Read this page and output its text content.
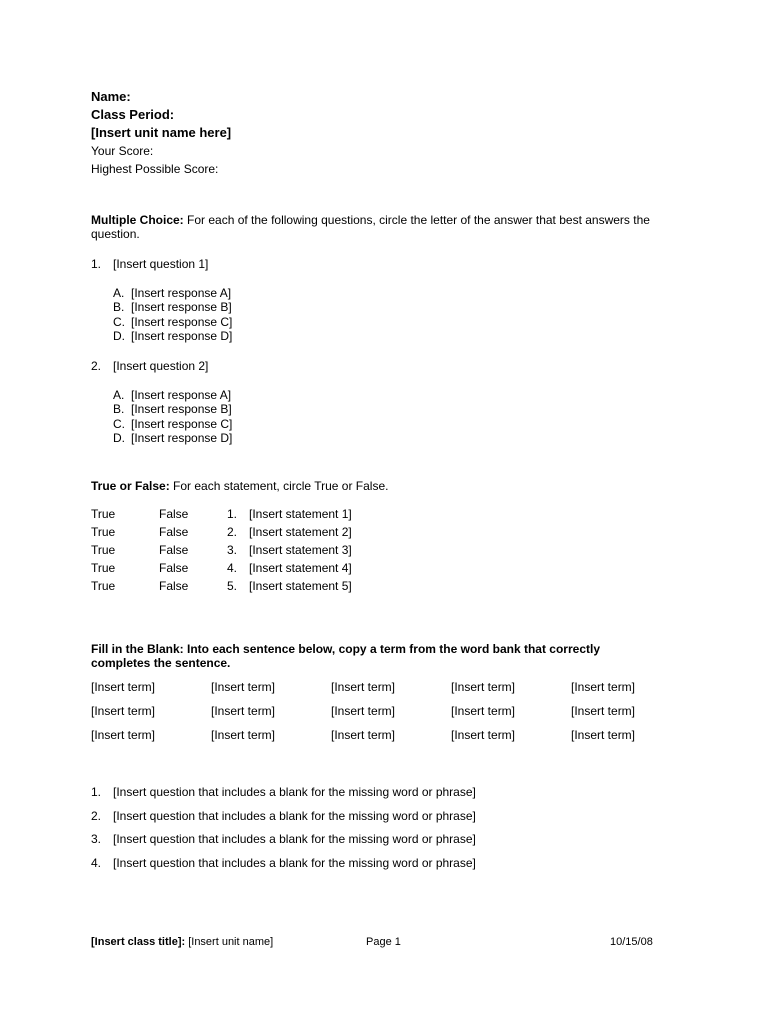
Name:
Class Period:
[Insert unit name here]
Your Score:
Highest Possible Score:
Multiple Choice: For each of the following questions, circle the letter of the answer that best answers the question.
1. [Insert question 1]
A. [Insert response A]
B. [Insert response B]
C. [Insert response C]
D. [Insert response D]
2. [Insert question 2]
A. [Insert response A]
B. [Insert response B]
C. [Insert response C]
D. [Insert response D]
True or False: For each statement, circle True or False.
True	False	1. [Insert statement 1]
True	False	2. [Insert statement 2]
True	False	3. [Insert statement 3]
True	False	4. [Insert statement 4]
True	False	5. [Insert statement 5]
Fill in the Blank: Into each sentence below, copy a term from the word bank that correctly completes the sentence.
[Insert term]	[Insert term]	[Insert term]	[Insert term]	[Insert term]
[Insert term]	[Insert term]	[Insert term]	[Insert term]	[Insert term]
[Insert term]	[Insert term]	[Insert term]	[Insert term]	[Insert term]
1. [Insert question that includes a blank for the missing word or phrase]
2. [Insert question that includes a blank for the missing word or phrase]
3. [Insert question that includes a blank for the missing word or phrase]
4. [Insert question that includes a blank for the missing word or phrase]
[Insert class title]: [Insert unit name]	Page 1	10/15/08
